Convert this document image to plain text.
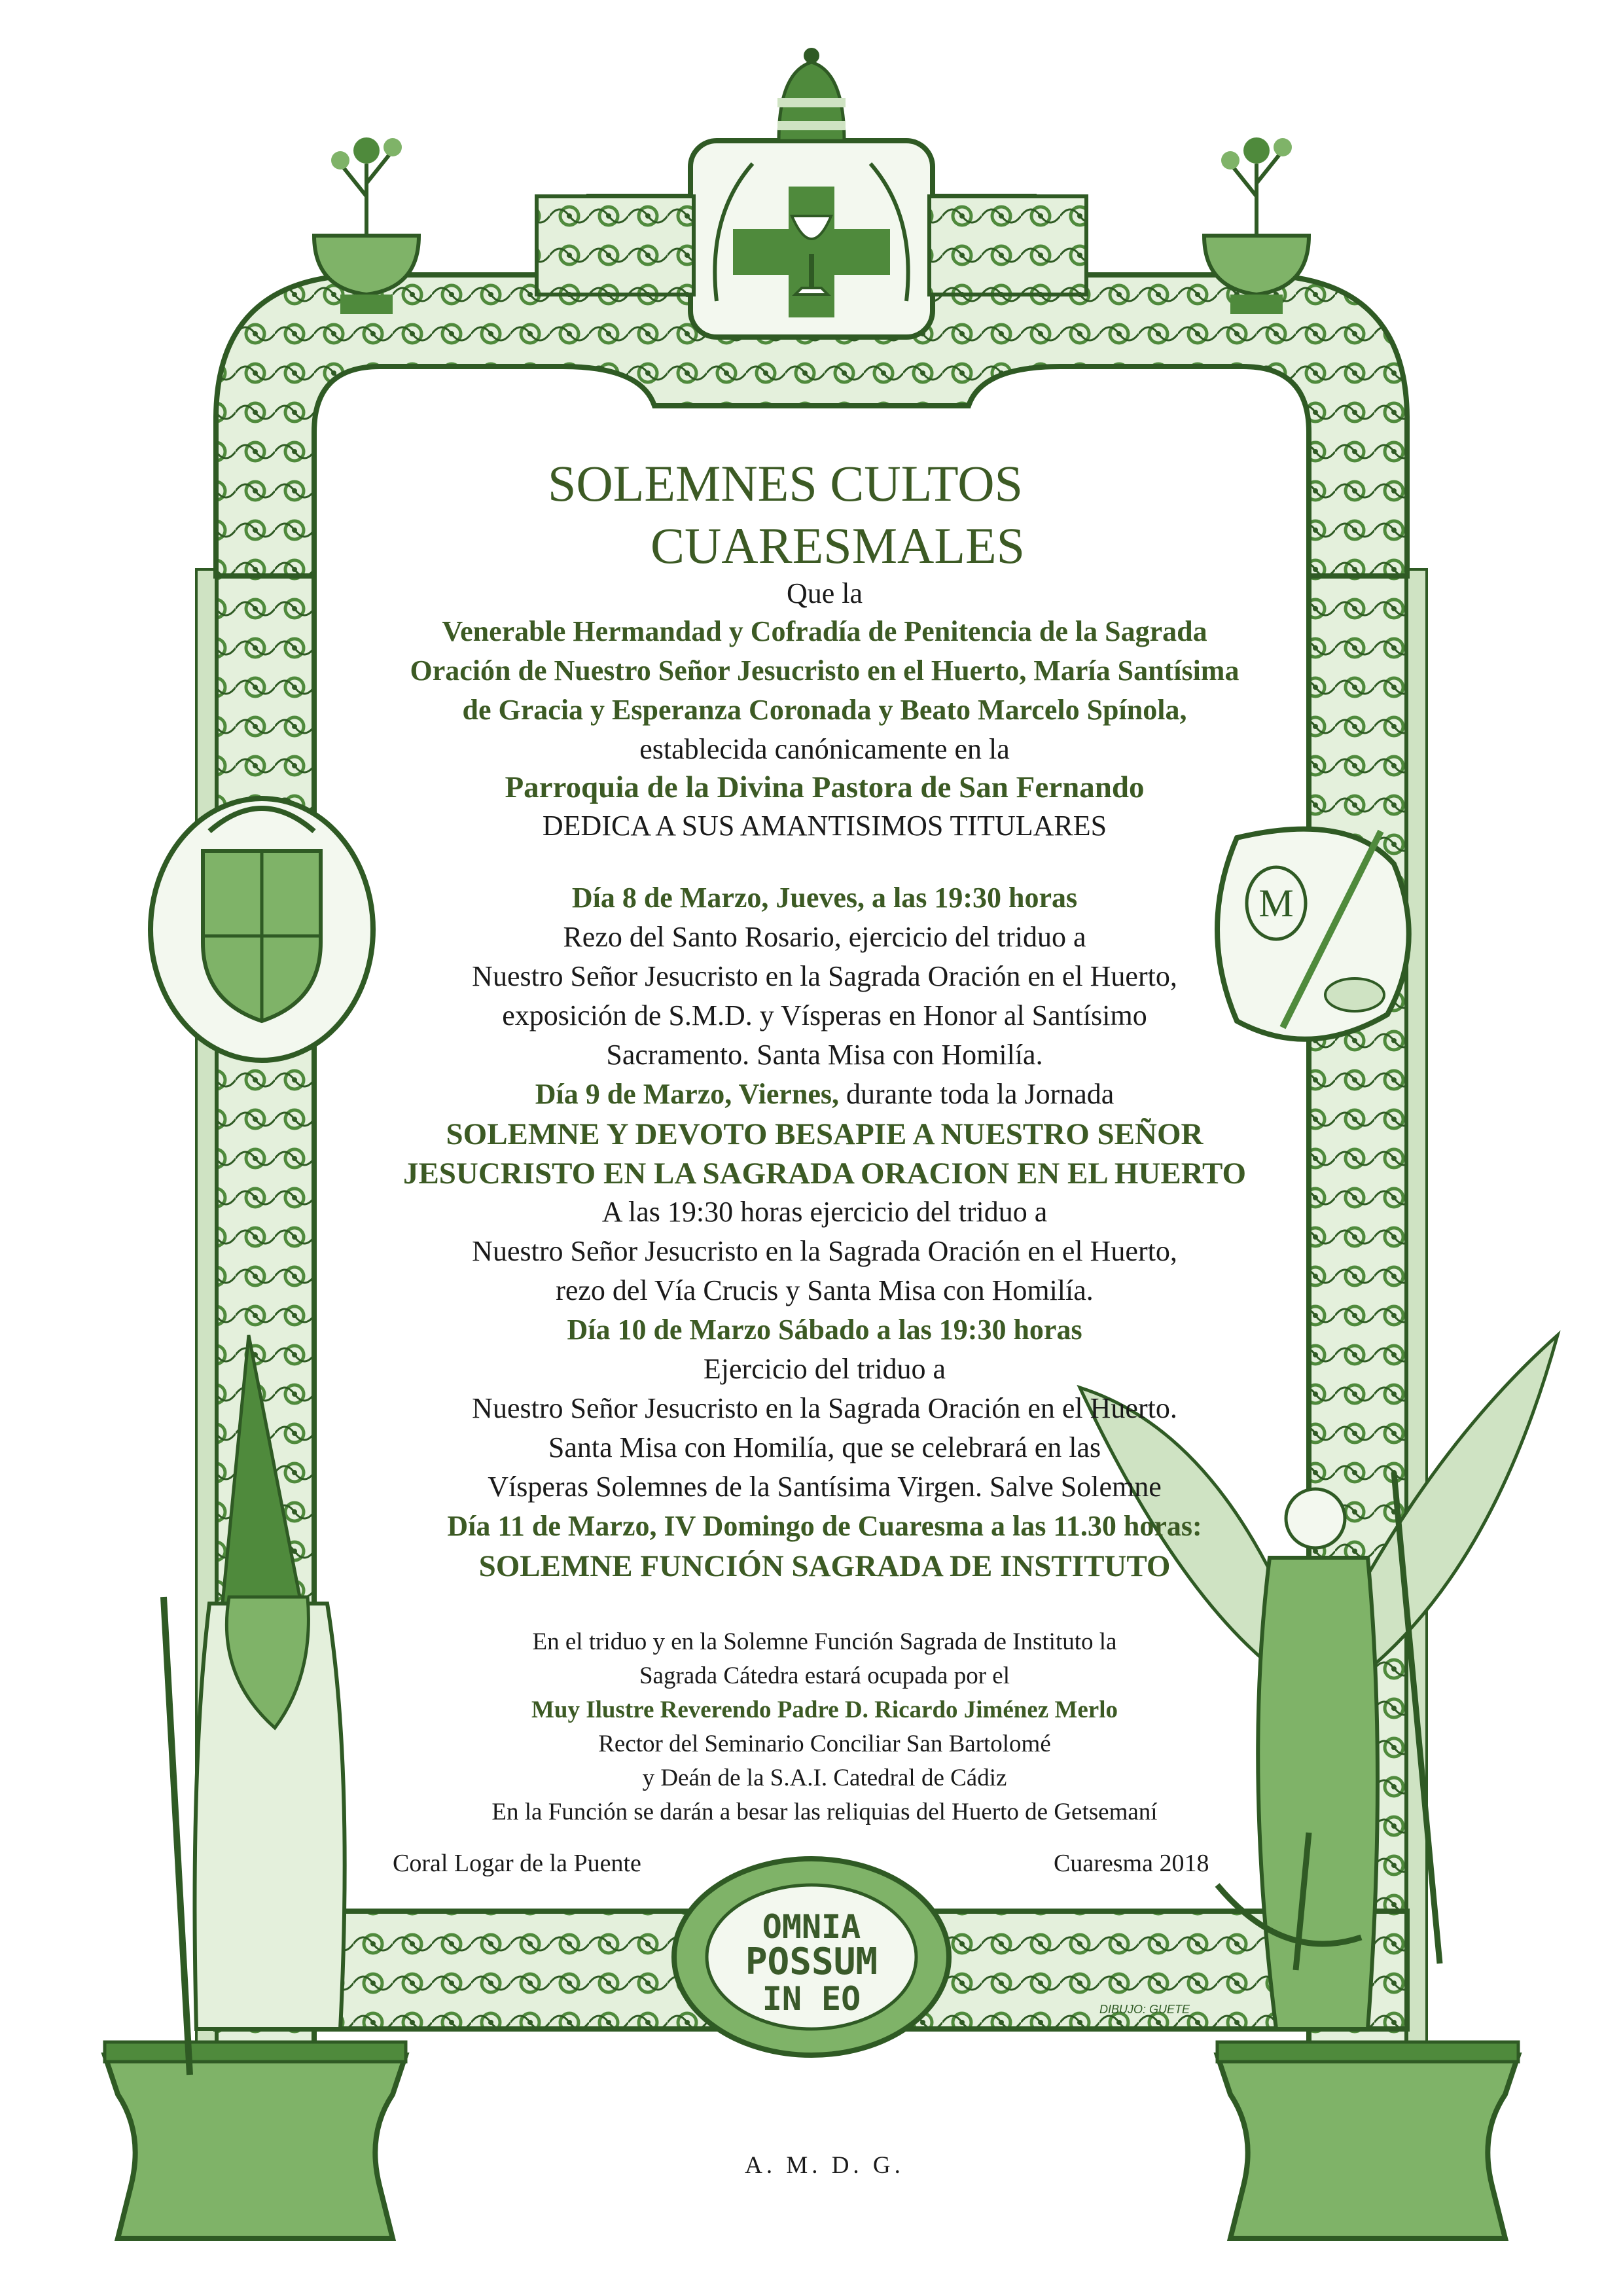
M
SOLEMNES CULTOS
CUARESMALES
Que la
Venerable Hermandad y Cofradía de Penitencia de la Sagrada
Oración de Nuestro Señor Jesucristo en el Huerto, María Santísima
de Gracia y Esperanza Coronada y Beato Marcelo Spínola,
establecida canónicamente en la
Parroquia de la Divina Pastora de San Fernando
DEDICA A SUS AMANTISIMOS TITULARES
Día 8 de Marzo, Jueves, a las 19:30 horas
Rezo del Santo Rosario, ejercicio del triduo a
Nuestro Señor Jesucristo en la Sagrada Oración en el Huerto,
exposición de S.M.D. y Vísperas en Honor al Santísimo
Sacramento. Santa Misa con Homilía.
Día 9 de Marzo, Viernes, durante toda la Jornada
SOLEMNE Y DEVOTO BESAPIE A NUESTRO SEÑOR
JESUCRISTO EN LA SAGRADA ORACION EN EL HUERTO
A las 19:30 horas ejercicio del triduo a
Nuestro Señor Jesucristo en la Sagrada Oración en el Huerto,
rezo del Vía Crucis y Santa Misa con Homilía.
Día 10 de Marzo Sábado a las 19:30 horas
Ejercicio del triduo a
Nuestro Señor Jesucristo en la Sagrada Oración en el Huerto.
Santa Misa con Homilía, que se celebrará en las
Vísperas Solemnes de la Santísima Virgen. Salve Solemne
Día 11 de Marzo, IV Domingo de Cuaresma a las 11.30 horas:
SOLEMNE FUNCIÓN SAGRADA DE INSTITUTO
En el triduo y en la Solemne Función Sagrada de Instituto la
Sagrada Cátedra estará ocupada por el
Muy Ilustre Reverendo Padre D. Ricardo Jiménez Merlo
Rector del Seminario Conciliar San Bartolomé
y Deán de la S.A.I. Catedral de Cádiz
En la Función se darán a besar las reliquias del Huerto de Getsemaní
Coral Logar de la Puente	Cuaresma 2018
OMNIA
POSSUM
IN EO	DIBUJO: GUETE
A. M. D. G.
